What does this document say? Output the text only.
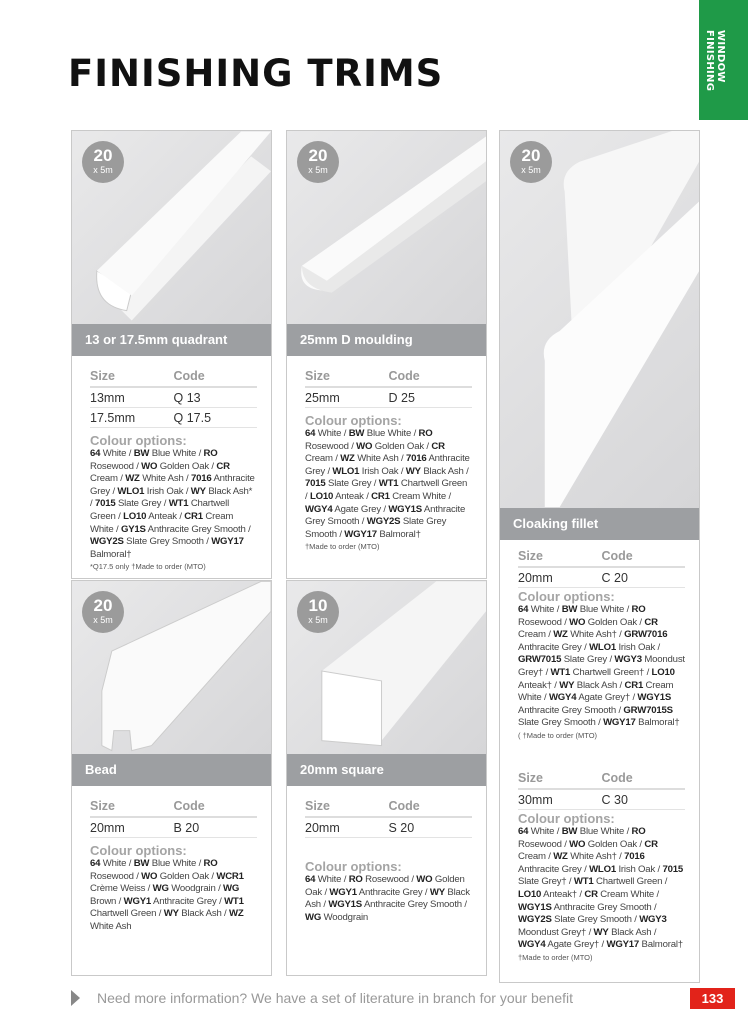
FINISHING TRIMS	WINDOW
FINISHING
20
x 5m
13 or 17.5mm quadrant
Size	Code
13mm	Q 13
17.5mm	Q 17.5
Colour options:
64 White / BW Blue White / RO Rosewood / WO Golden Oak / CR Cream / WZ White Ash / 7016 Anthracite Grey / WLO1 Irish Oak / WY Black Ash* / 7015 Slate Grey / WT1 Chartwell Green / LO10 Anteak / CR1 Cream White / GY1S Anthracite Grey Smooth / WGY2S Slate Grey Smooth / WGY17 Balmoral†
*Q17.5 only †Made to order (MTO)
20
x 5m
25mm D moulding
Size	Code
25mm	D 25
Colour options:
64 White / BW Blue White / RO Rosewood / WO Golden Oak / CR Cream / WZ White Ash / 7016 Anthracite Grey / WLO1 Irish Oak / WY Black Ash / 7015 Slate Grey / WT1 Chartwell Green / LO10 Anteak / CR1 Cream White / WGY4 Agate Grey / WGY1S Anthracite Grey Smooth / WGY2S Slate Grey Smooth / WGY17 Balmoral†
†Made to order (MTO)
20
x 5m
Cloaking fillet
Size	Code
20mm	C 20
Colour options:
64 White / BW Blue White / RO Rosewood / WO Golden Oak / CR Cream / WZ White Ash† / GRW7016 Anthracite Grey / WLO1 Irish Oak / GRW7015 Slate Grey / WGY3 Moondust Grey† / WT1 Chartwell Green† / LO10 Anteak† / WY Black Ash / CR1 Cream White / WGY4 Agate Grey† / WGY1S Anthracite Grey Smooth / GRW7015S Slate Grey Smooth / WGY17 Balmoral†
( †Made to order (MTO)
Size	Code
30mm	C 30
Colour options:
64 White / BW Blue White / RO Rosewood / WO Golden Oak / CR Cream / WZ White Ash† / 7016 Anthracite Grey / WLO1 Irish Oak / 7015 Slate Grey† / WT1 Chartwell Green / LO10 Anteak† / CR Cream White / WGY1S Anthracite Grey Smooth / WGY2S Slate Grey Smooth / WGY3 Moondust Grey† / WY Black Ash / WGY4 Agate Grey† / WGY17 Balmoral†
†Made to order (MTO)
20
x 5m
Bead
Size	Code
20mm	B 20
Colour options:
64 White / BW Blue White / RO Rosewood / WO Golden Oak / WCR1 Crème Weiss / WG Woodgrain / WG Brown / WGY1 Anthracite Grey / WT1 Chartwell Green / WY Black Ash / WZ White Ash
10
x 5m
20mm square
Size	Code
20mm	S 20
Colour options:
64 White / RO Rosewood / WO Golden Oak / WGY1 Anthracite Grey / WY Black Ash / WGY1S Anthracite Grey Smooth / WG Woodgrain
Need more information? We have a set of literature in branch for your benefit	133
